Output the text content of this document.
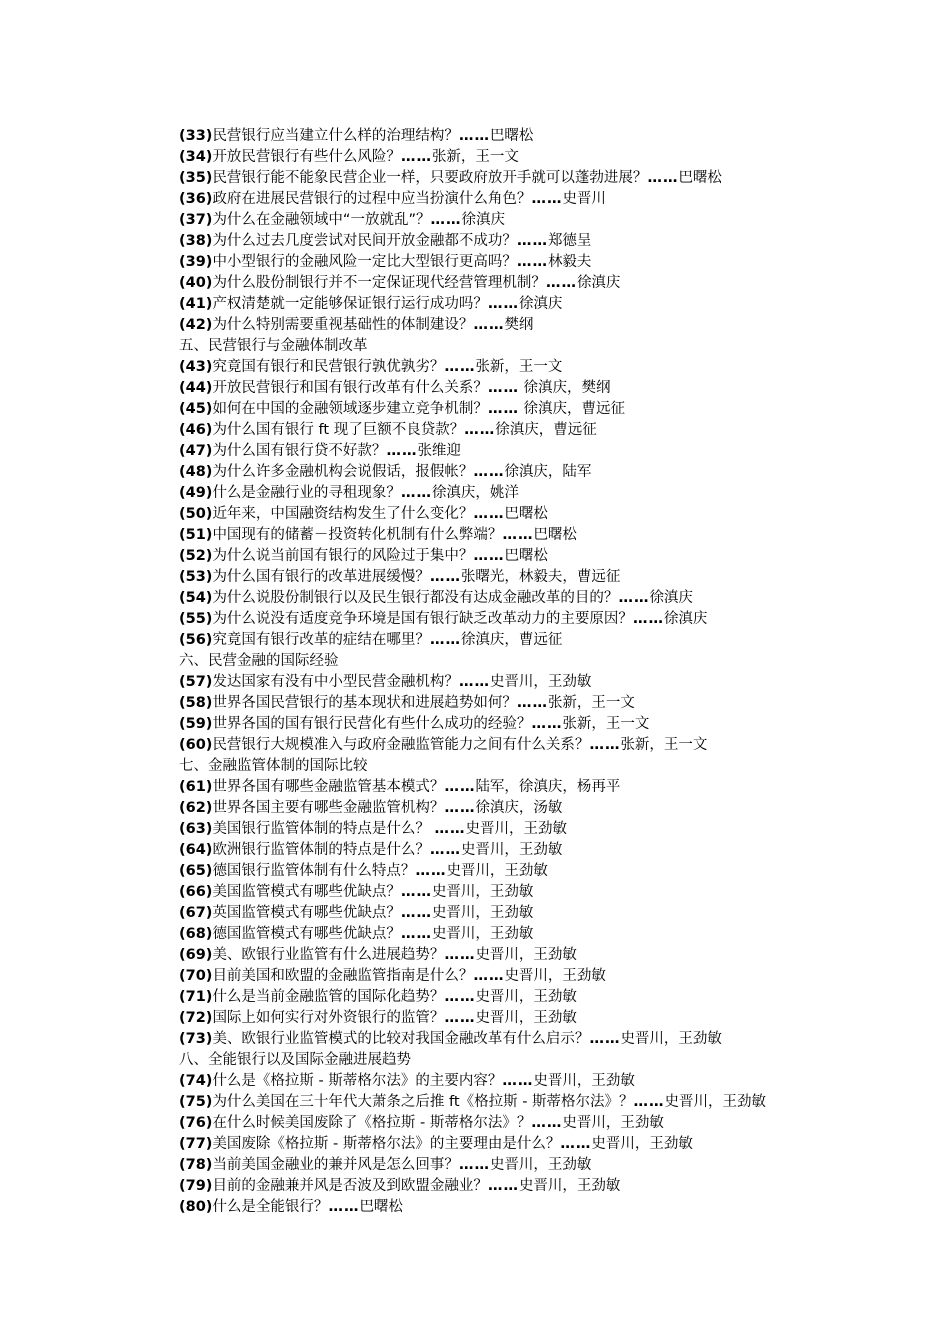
(33)民营银行应当建立什么样的治理结构？……巴曙松
(34)开放民营银行有些什么风险？……张新，王一文
(35)民营银行能不能象民营企业一样，只要政府放开手就可以蓬勃进展？……巴曙松
(36)政府在进展民营银行的过程中应当扮演什么角色？……史晋川
(37)为什么在金融领域中“一放就乱”？……徐滇庆
(38)为什么过去几度尝试对民间开放金融都不成功？……郑德呈
(39)中小型银行的金融风险一定比大型银行更高吗？……林毅夫
(40)为什么股份制银行并不一定保证现代经营管理机制？……徐滇庆
(41)产权清楚就一定能够保证银行运行成功吗？……徐滇庆
(42)为什么特别需要重视基础性的体制建设？……樊纲
五、民营银行与金融体制改革
(43)究竟国有银行和民营银行孰优孰劣？……张新，王一文
(44)开放民营银行和国有银行改革有什么关系？…… 徐滇庆，樊纲
(45)如何在中国的金融领域逐步建立竞争机制？…… 徐滇庆，曹远征
(46)为什么国有银行 ft 现了巨额不良贷款？……徐滇庆，曹远征
(47)为什么国有银行贷不好款？……张维迎
(48)为什么许多金融机构会说假话，报假帐？……徐滇庆，陆军
(49)什么是金融行业的寻租现象？……徐滇庆，姚洋
(50)近年来，中国融资结构发生了什么变化？……巴曙松
(51)中国现有的储蓄－投资转化机制有什么弊端？……巴曙松
(52)为什么说当前国有银行的风险过于集中？……巴曙松
(53)为什么国有银行的改革进展缓慢？……张曙光，林毅夫，曹远征
(54)为什么说股份制银行以及民生银行都没有达成金融改革的目的？……徐滇庆
(55)为什么说没有适度竞争环境是国有银行缺乏改革动力的主要原因？……徐滇庆
(56)究竟国有银行改革的症结在哪里？……徐滇庆，曹远征
六、民营金融的国际经验
(57)发达国家有没有中小型民营金融机构？……史晋川，王劲敏
(58)世界各国民营银行的基本现状和进展趋势如何？……张新，王一文
(59)世界各国的国有银行民营化有些什么成功的经验？……张新，王一文
(60)民营银行大规模准入与政府金融监管能力之间有什么关系？……张新，王一文
七、金融监管体制的国际比较
(61)世界各国有哪些金融监管基本模式？……陆军，徐滇庆，杨再平
(62)世界各国主要有哪些金融监管机构？……徐滇庆，汤敏
(63)美国银行监管体制的特点是什么？ ……史晋川，王劲敏
(64)欧洲银行监管体制的特点是什么？……史晋川，王劲敏
(65)德国银行监管体制有什么特点？……史晋川，王劲敏
(66)美国监管模式有哪些优缺点？……史晋川，王劲敏
(67)英国监管模式有哪些优缺点？……史晋川，王劲敏
(68)德国监管模式有哪些优缺点？……史晋川，王劲敏
(69)美、欧银行业监管有什么进展趋势？……史晋川，王劲敏
(70)目前美国和欧盟的金融监管指南是什么？……史晋川，王劲敏
(71)什么是当前金融监管的国际化趋势？……史晋川，王劲敏
(72)国际上如何实行对外资银行的监管？……史晋川，王劲敏
(73)美、欧银行业监管模式的比较对我国金融改革有什么启示？……史晋川，王劲敏
八、全能银行以及国际金融进展趋势
(74)什么是《格拉斯 - 斯蒂格尔法》的主要内容？……史晋川，王劲敏
(75)为什么美国在三十年代大萧条之后推 ft《格拉斯 - 斯蒂格尔法》？……史晋川，王劲敏
(76)在什么时候美国废除了《格拉斯 - 斯蒂格尔法》？……史晋川，王劲敏
(77)美国废除《格拉斯 - 斯蒂格尔法》的主要理由是什么？……史晋川，王劲敏
(78)当前美国金融业的兼并风是怎么回事？……史晋川，王劲敏
(79)目前的金融兼并风是否波及到欧盟金融业？……史晋川，王劲敏
(80)什么是全能银行？……巴曙松
